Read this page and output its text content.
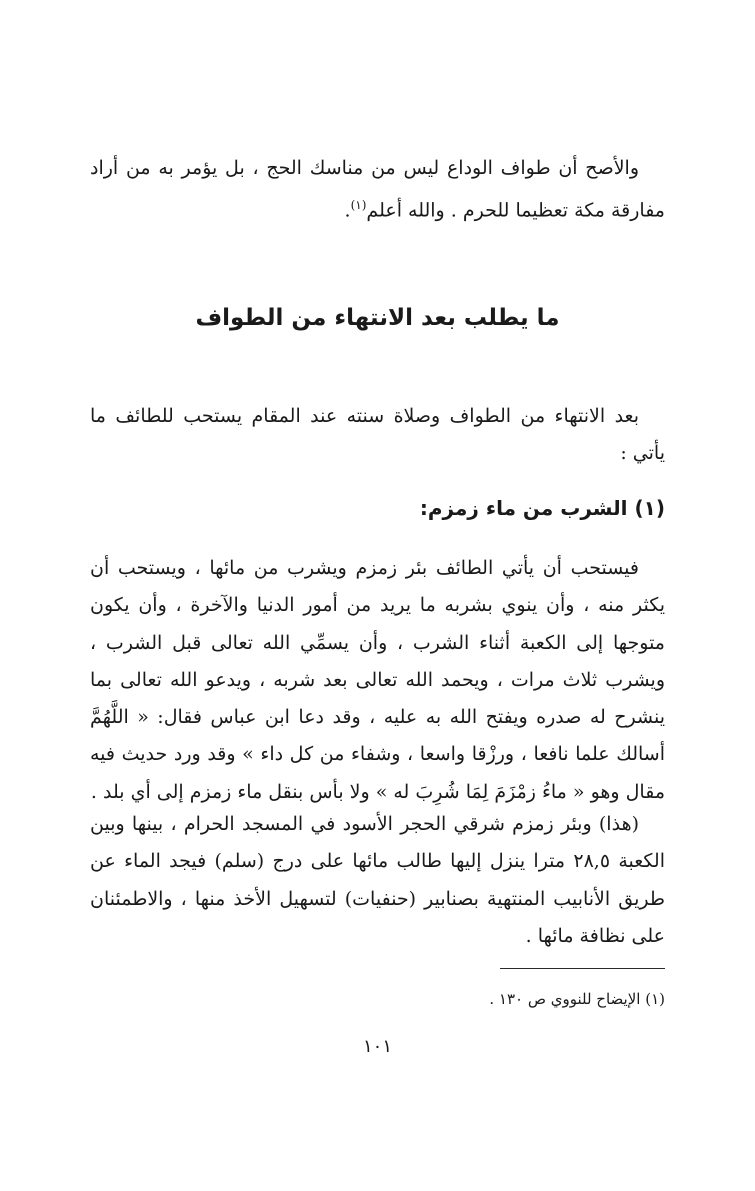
والأصح أن طواف الوداع ليس من مناسك الحج ، بل يؤمر به من أراد مفارقة مكة تعظيما للحرم . والله أعلم$^{(١)}$.

ما يطلب بعد الانتهاء من الطواف

بعد الانتهاء من الطواف وصلاة سنته عند المقام يستحب للطائف ما يأتي :

(١) الشرب من ماء زمزم:

فيستحب أن يأتي الطائف بئر زمزم ويشرب من مائها ، ويستحب أن يكثر منه ، وأن ينوي بشربه ما يريد من أمور الدنيا والآخرة ، وأن يكون متوجها إلى الكعبة أثناء الشرب ، وأن يسمِّي الله تعالى قبل الشرب ، ويشرب ثلاث مرات ، ويحمد الله تعالى بعد شربه ، ويدعو الله تعالى بما ينشرح له صدره ويفتح الله به عليه ، وقد دعا ابن عباس فقال: « اللَّهُمَّ أسالك علما نافعا ، ورزْقا واسعا ، وشفاء من كل داء » وقد ورد حديث فيه مقال وهو « ماءُ زمْزَمَ لِمَا شُرِبَ له » ولا بأس بنقل ماء زمزم إلى أي بلد .

(هذا) وبئر زمزم شرقي الحجر الأسود في المسجد الحرام ، بينها وبين الكعبة ٢٨,٥ مترا ينزل إليها طالب مائها على درج (سلم) فيجد الماء عن طريق الأنابيب المنتهية بصنابير (حنفيات) لتسهيل الأخذ منها ، والاطمئنان على نظافة مائها .

(١) الإيضاح للنووي ص ١٣٠ .

١٠١
